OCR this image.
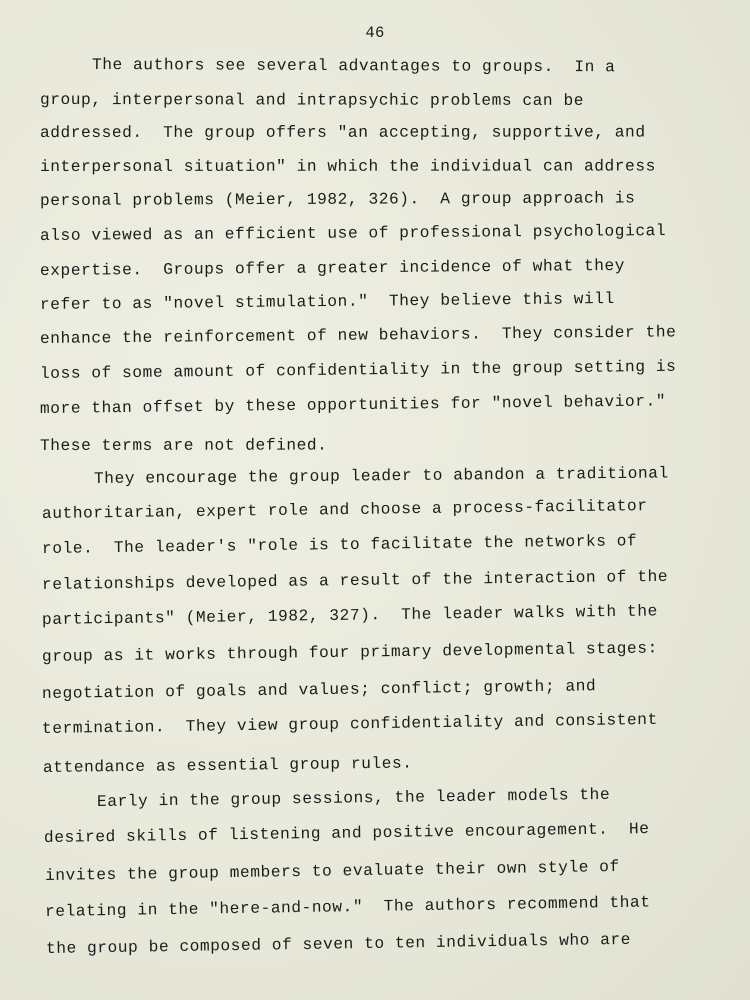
46
The authors see several advantages to groups.  In a
group, interpersonal and intrapsychic problems can be
addressed.  The group offers "an accepting, supportive, and
interpersonal situation" in which the individual can address
personal problems (Meier, 1982, 326).  A group approach is
also viewed as an efficient use of professional psychological
expertise.  Groups offer a greater incidence of what they
refer to as "novel stimulation."  They believe this will
enhance the reinforcement of new behaviors.  They consider the
loss of some amount of confidentiality in the group setting is
more than offset by these opportunities for "novel behavior."
These terms are not defined.
They encourage the group leader to abandon a traditional
authoritarian, expert role and choose a process-facilitator
role.  The leader's "role is to facilitate the networks of
relationships developed as a result of the interaction of the
participants" (Meier, 1982, 327).  The leader walks with the
group as it works through four primary developmental stages:
negotiation of goals and values; conflict; growth; and
termination.  They view group confidentiality and consistent
attendance as essential group rules.
Early in the group sessions, the leader models the
desired skills of listening and positive encouragement.  He
invites the group members to evaluate their own style of
relating in the "here-and-now."  The authors recommend that
the group be composed of seven to ten individuals who are
